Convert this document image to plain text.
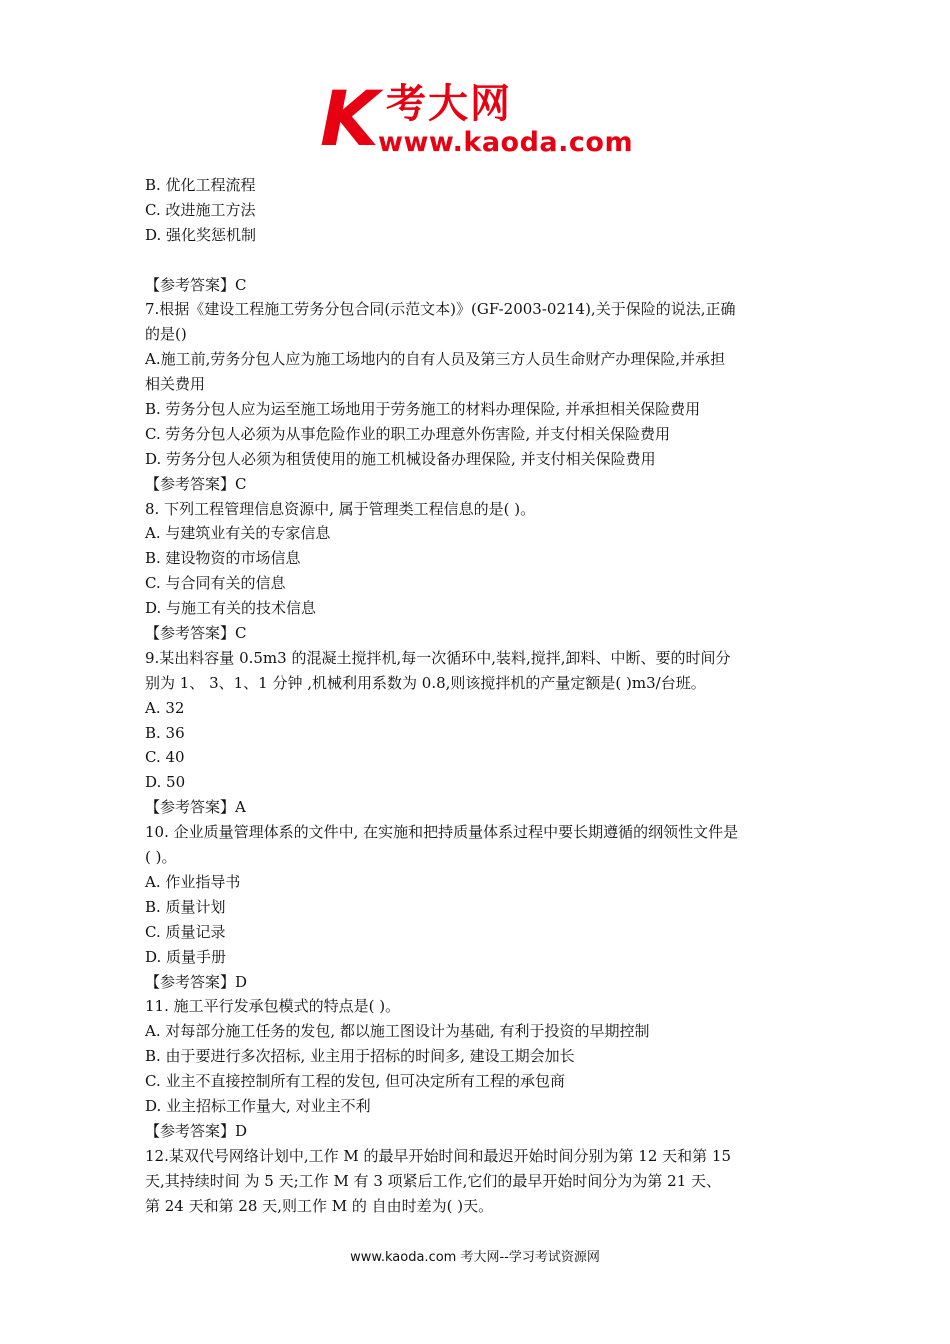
K 考大网
www.kaoda.com
B. 优化工程流程
C. 改进施工方法
D. 强化奖惩机制
【参考答案】C
7.根据《建设工程施工劳务分包合同(示范文本)》(GF-2003-0214),关于保险的说法,正确
的是()
A.施工前,劳务分包人应为施工场地内的自有人员及第三方人员生命财产办理保险,并承担
相关费用
B. 劳务分包人应为运至施工场地用于劳务施工的材料办理保险, 并承担相关保险费用
C. 劳务分包人必须为从事危险作业的职工办理意外伤害险, 并支付相关保险费用
D. 劳务分包人必须为租赁使用的施工机械设备办理保险, 并支付相关保险费用
【参考答案】C
8. 下列工程管理信息资源中, 属于管理类工程信息的是( )。
A. 与建筑业有关的专家信息
B. 建设物资的市场信息
C. 与合同有关的信息
D. 与施工有关的技术信息
【参考答案】C
9.某出料容量 0.5m3 的混凝土搅拌机,每一次循环中,装料,搅拌,卸料、中断、要的时间分
别为 1、 3、1、1 分钟 ,机械利用系数为 0.8,则该搅拌机的产量定额是( )m3/台班。
A. 32
B. 36
C. 40
D. 50
【参考答案】A
10. 企业质量管理体系的文件中, 在实施和把持质量体系过程中要长期遵循的纲领性文件是
( )。
A. 作业指导书
B. 质量计划
C. 质量记录
D. 质量手册
【参考答案】D
11. 施工平行发承包模式的特点是( )。
A. 对每部分施工任务的发包, 都以施工图设计为基础, 有利于投资的早期控制
B. 由于要进行多次招标, 业主用于招标的时间多, 建设工期会加长
C. 业主不直接控制所有工程的发包, 但可决定所有工程的承包商
D. 业主招标工作量大, 对业主不利
【参考答案】D
12.某双代号网络计划中,工作 M 的最早开始时间和最迟开始时间分别为第 12 天和第 15
天,其持续时间 为 5 天;工作 M 有 3 项紧后工作,它们的最早开始时间分为为第 21 天、
第 24 天和第 28 天,则工作 M 的 自由时差为( )天。
www.kaoda.com 考大网--学习考试资源网
